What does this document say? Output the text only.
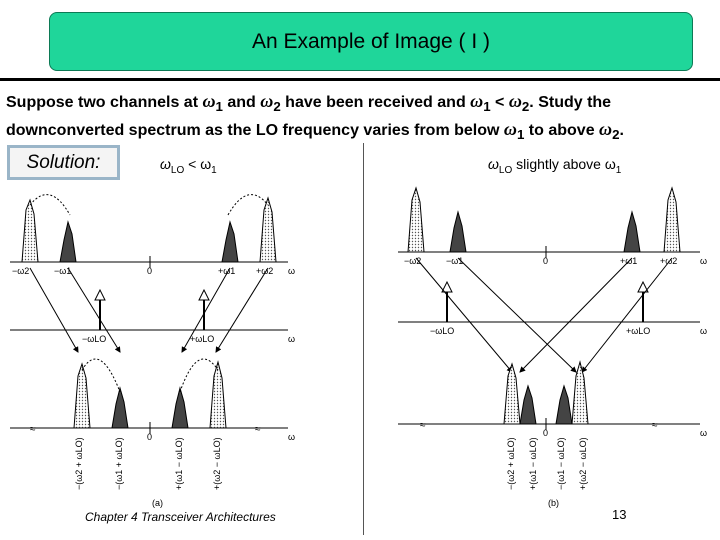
An Example of Image ( I )
Suppose two channels at $\omega_1$ and $\omega_2$ have been received and $\omega_1 < \omega_2$. Study the downconverted spectrum as the LO frequency varies from below $\omega_1$ to above $\omega_2$.
Solution:	$\omega_{LO} < \omega_1$	$\omega_{LO}$ slightly above $\omega_1$
≈	≈	≈	≈
−ω2	−ω1	0	+ω1 +ω2 ω
−ωLO	+ωLO	ω
0	ω
−(ω2 + ωLO)	−(ω1 + ωLO)	+(ω1 − ωLO)	+(ω2 − ωLO)
(a)
−ω2	−ω1	0	+ω1	+ω2	ω
−ωLO	+ωLO	ω
0	ω
−(ω2 + ωLO) +(ω1 − ωLO) −(ω1 − ωLO) +(ω2 − ωLO)
(b)
Chapter 4 Transceiver Architectures	13
